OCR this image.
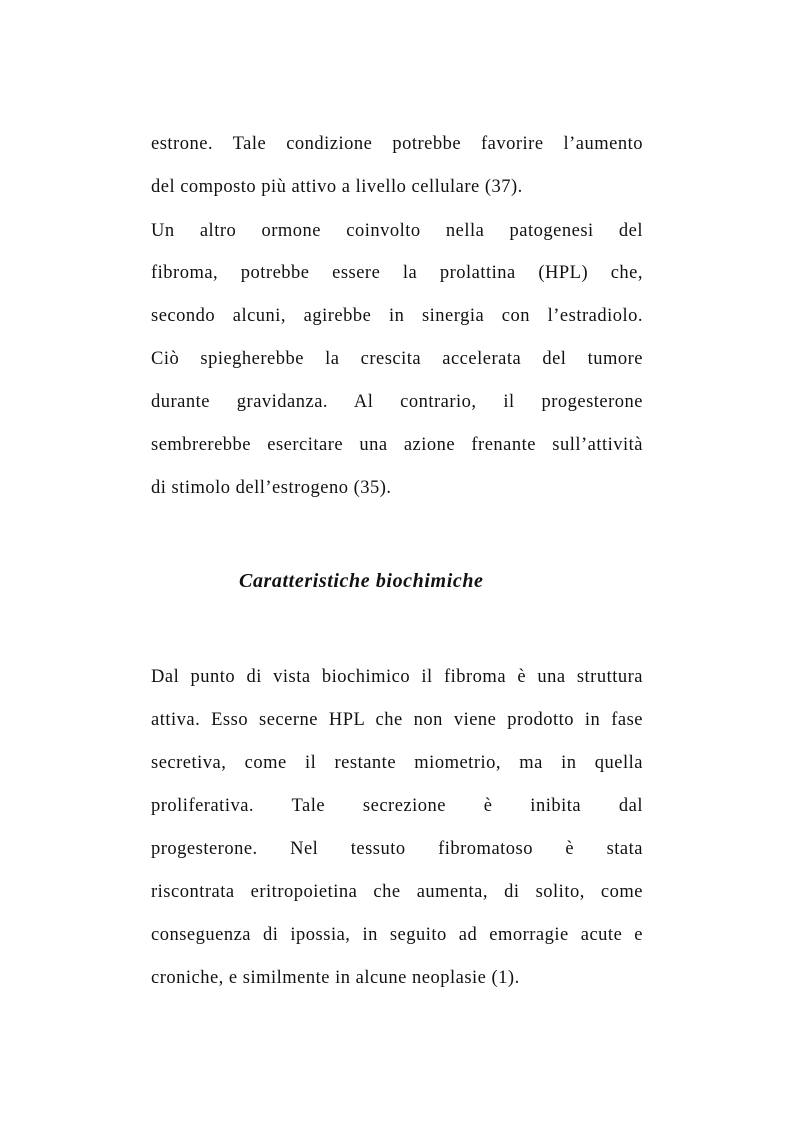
estrone. Tale condizione potrebbe favorire l’aumento
del composto più attivo a livello cellulare (37).
Un altro ormone coinvolto nella patogenesi del
fibroma, potrebbe essere la prolattina (HPL) che,
secondo alcuni, agirebbe in sinergia con l’estradiolo.
Ciò spiegherebbe la crescita accelerata del tumore
durante gravidanza. Al contrario, il progesterone
sembrerebbe esercitare una azione frenante sull’attività
di stimolo dell’estrogeno (35).
Dal punto di vista biochimico il fibroma è una struttura
attiva. Esso secerne HPL che non viene prodotto in fase
secretiva, come il restante miometrio, ma in quella
proliferativa. Tale secrezione è inibita dal
progesterone. Nel tessuto fibromatoso è stata
riscontrata eritropoietina che aumenta, di solito, come
conseguenza di ipossia, in seguito ad emorragie acute e
croniche, e similmente in alcune neoplasie (1).
Caratteristiche biochimiche
